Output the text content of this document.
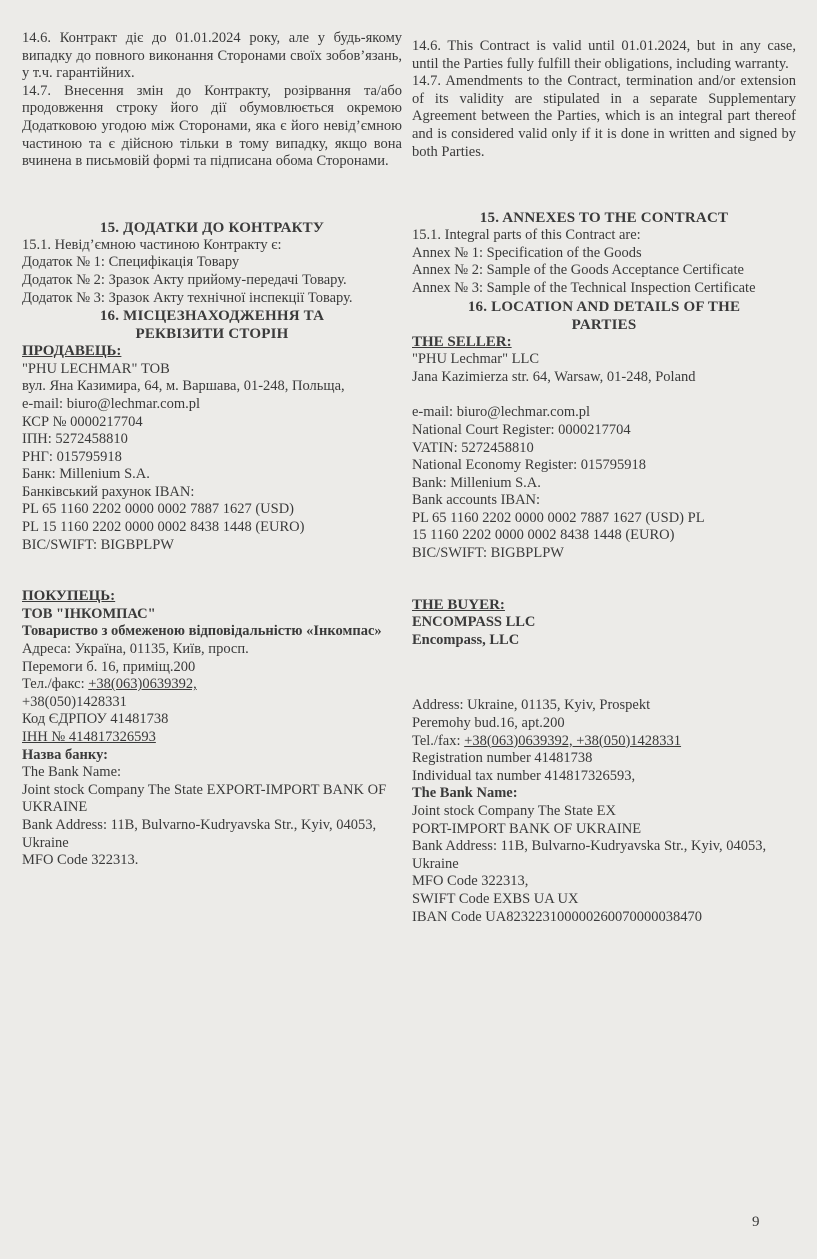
14.6. Контракт діє до 01.01.2024 року, але у будь-якому випадку до повного виконання Сторонами своїх зобов’язань, у т.ч. гарантійних.

14.7. Внесення змін до Контракту, розірвання та/або продовження строку його дії обумовлюється окремою Додатковою угодою між Сторонами, яка є його невід’ємною частиною та є дійсною тільки в тому випадку, якщо вона вчинена в письмовій формі та підписана обома Сторонами.

15. ДОДАТКИ ДО КОНТРАКТУ

15.1. Невід’ємною частиною Контракту є:

Додаток № 1: Специфікація Товару

Додаток № 2: Зразок Акту прийому-передачі Товару.

Додаток № 3: Зразок Акту технічної інспекції Товару.

16. МІСЦЕЗНАХОДЖЕННЯ ТА
РЕКВІЗИТИ СТОРІН

ПРОДАВЕЦЬ:

"PHU LECHMAR" ТОВ

вул. Яна Казимира, 64, м. Варшава, 01-248, Польща,

e-mail: biuro@lechmar.com.pl

КСР № 0000217704

ІПН: 5272458810

РНГ: 015795918

Банк: Millenium S.A.

Банківський рахунок IBAN:

PL 65 1160 2202 0000 0002 7887 1627 (USD)

PL 15 1160 2202 0000 0002 8438 1448 (EURO)

BIC/SWIFT: BIGBPLPW

ПОКУПЕЦЬ:

ТОВ "ІНКОМПАС"

Товариство з обмеженою відповідальністю «Інкомпас»

Адреса: Україна, 01135, Київ, просп.

Перемоги б. 16, приміщ.200

Тел./факс: +38(063)0639392,

+38(050)1428331

Код ЄДРПОУ 41481738

ІНН № 414817326593

Назва банку:

The Bank Name:

Joint stock Company The State EXPORT-IMPORT BANK OF UKRAINE

Bank Address: 11B, Bulvarno-Kudryavska Str., Kyiv, 04053, Ukraine

MFO Code 322313.

14.6. This Contract is valid until 01.01.2024, but in any case, until the Parties fully fulfill their obligations, including warranty.

14.7. Amendments to the Contract, termination and/or extension of its validity are stipulated in a separate Supplementary Agreement between the Parties, which is an integral part thereof and is considered valid only if it is done in written and signed by both Parties.

15. ANNEXES TO THE CONTRACT

15.1. Integral parts of this Contract are:

Annex № 1: Specification of the Goods

Annex № 2: Sample of the Goods Acceptance Certificate

Annex № 3: Sample of the Technical Inspection Certificate

16. LOCATION AND DETAILS OF THE
PARTIES

THE SELLER:

"PHU Lechmar" LLC

Jana Kazimierza str. 64, Warsaw, 01-248, Poland

e-mail: biuro@lechmar.com.pl

National Court Register: 0000217704

VATIN: 5272458810

National Economy Register: 015795918

Bank: Millenium S.A.

Bank accounts IBAN:

PL 65 1160 2202 0000 0002 7887 1627 (USD) PL

15 1160 2202 0000 0002 8438 1448 (EURO)

BIC/SWIFT: BIGBPLPW

THE BUYER:

ENCOMPASS LLC

Encompass, LLC

Address: Ukraine, 01135, Kyiv, Prospekt

Peremohy bud.16, apt.200

Tel./fax: +38(063)0639392, +38(050)1428331

Registration number 41481738

Individual tax number 414817326593,

The Bank Name:

Joint stock Company The State EX

PORT-IMPORT BANK OF UKRAINE

Bank Address: 11B, Bulvarno-Kudryavska Str., Kyiv, 04053, Ukraine

MFO Code 322313,

SWIFT Code EXBS UA UX

IBAN Code UA823223100000260070000038470

9
